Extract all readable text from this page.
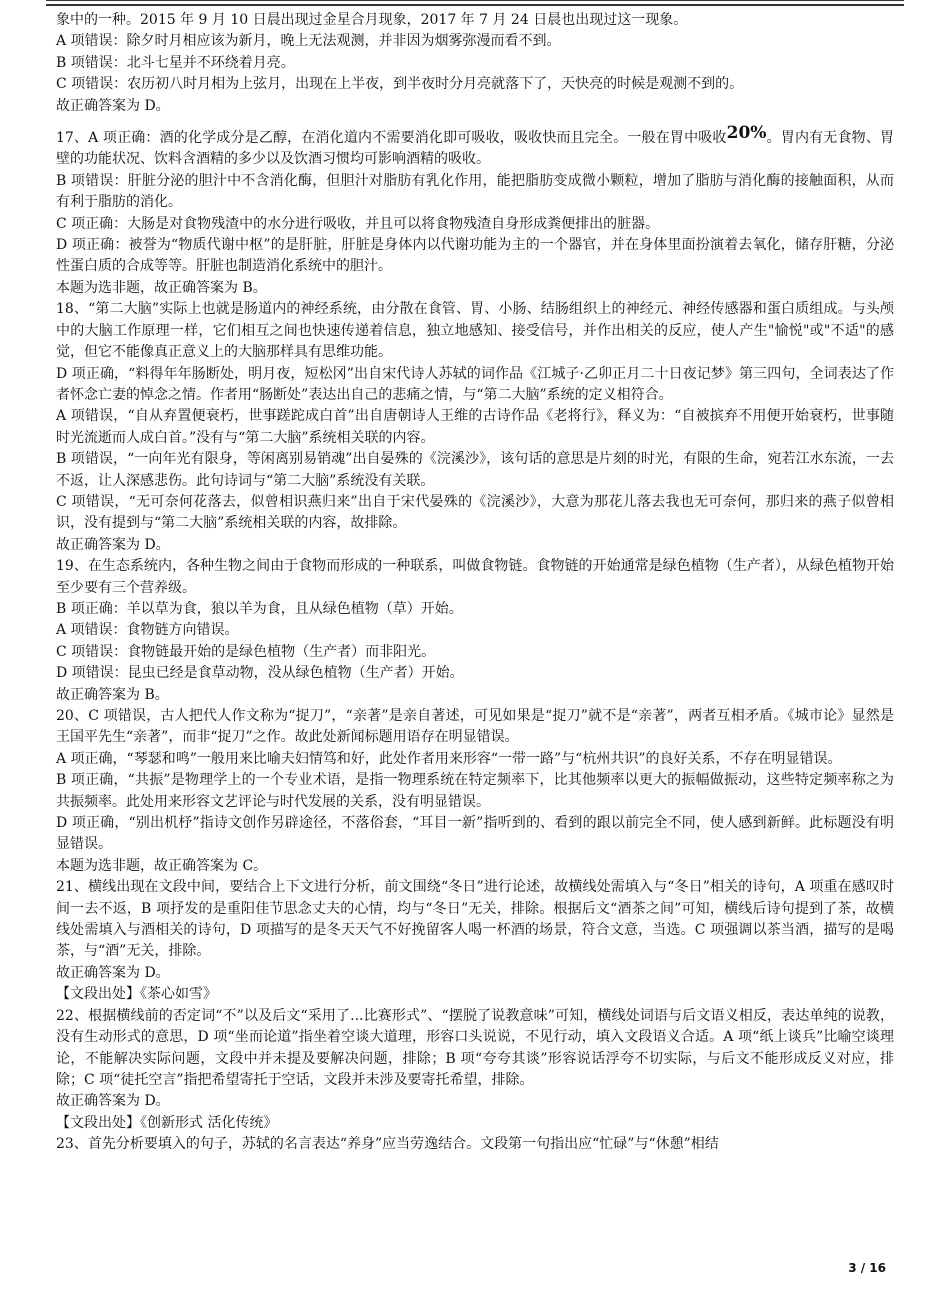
象中的一种。2015 年 9 月 10 日晨出现过金星合月现象，2017 年 7 月 24 日晨也出现过这一现象。

A 项错误：除夕时月相应该为新月，晚上无法观测，并非因为烟雾弥漫而看不到。

B 项错误：北斗七星并不环绕着月亮。

C 项错误：农历初八时月相为上弦月，出现在上半夜，到半夜时分月亮就落下了，天快亮的时候是观测不到的。

故正确答案为 D。

17、A 项正确：酒的化学成分是乙醇，在消化道内不需要消化即可吸收，吸收快而且完全。一般在胃中吸收20%。胃内有无食物、胃壁的功能状况、饮料含酒精的多少以及饮酒习惯均可影响酒精的吸收。

B 项错误：肝脏分泌的胆汁中不含消化酶，但胆汁对脂肪有乳化作用，能把脂肪变成微小颗粒，增加了脂肪与消化酶的接触面积，从而有利于脂肪的消化。

C 项正确：大肠是对食物残渣中的水分进行吸收，并且可以将食物残渣自身形成粪便排出的脏器。

D 项正确：被誉为“物质代谢中枢”的是肝脏，肝脏是身体内以代谢功能为主的一个器官，并在身体里面扮演着去氧化，储存肝糖，分泌性蛋白质的合成等等。肝脏也制造消化系统中的胆汁。

本题为选非题，故正确答案为 B。

18、“第二大脑”实际上也就是肠道内的神经系统，由分散在食管、胃、小肠、结肠组织上的神经元、神经传感器和蛋白质组成。与头颅中的大脑工作原理一样，它们相互之间也快速传递着信息，独立地感知、接受信号，并作出相关的反应，使人产生"愉悦"或"不适"的感觉，但它不能像真正意义上的大脑那样具有思维功能。

D 项正确，“料得年年肠断处，明月夜，短松冈”出自宋代诗人苏轼的词作品《江城子·乙卯正月二十日夜记梦》第三四句，全词表达了作者怀念亡妻的悼念之情。作者用“肠断处”表达出自己的悲痛之情，与“第二大脑”系统的定义相符合。

A 项错误，“自从弃置便衰朽，世事蹉跎成白首”出自唐朝诗人王维的古诗作品《老将行》，释义为：“自被摈弃不用便开始衰朽，世事随时光流逝而人成白首。”没有与“第二大脑”系统相关联的内容。

B 项错误，“一向年光有限身，等闲离别易销魂”出自晏殊的《浣溪沙》，该句话的意思是片刻的时光，有限的生命，宛若江水东流，一去不返，让人深感悲伤。此句诗词与“第二大脑”系统没有关联。

C 项错误，“无可奈何花落去，似曾相识燕归来”出自于宋代晏殊的《浣溪沙》，大意为那花儿落去我也无可奈何，那归来的燕子似曾相识，没有提到与“第二大脑”系统相关联的内容，故排除。

故正确答案为 D。

19、在生态系统内，各种生物之间由于食物而形成的一种联系，叫做食物链。食物链的开始通常是绿色植物（生产者），从绿色植物开始至少要有三个营养级。

B 项正确：羊以草为食，狼以羊为食，且从绿色植物（草）开始。

A 项错误：食物链方向错误。

C 项错误：食物链最开始的是绿色植物（生产者）而非阳光。

D 项错误：昆虫已经是食草动物，没从绿色植物（生产者）开始。

故正确答案为 B。

20、C 项错误，古人把代人作文称为“捉刀”，“亲著”是亲自著述，可见如果是“捉刀”就不是“亲著”，两者互相矛盾。《城市论》显然是王国平先生“亲著”，而非“捉刀”之作。故此处新闻标题用语存在明显错误。

A 项正确，“琴瑟和鸣”一般用来比喻夫妇情笃和好，此处作者用来形容“一带一路”与“杭州共识”的良好关系，不存在明显错误。

B 项正确，“共振”是物理学上的一个专业术语，是指一物理系统在特定频率下，比其他频率以更大的振幅做振动，这些特定频率称之为共振频率。此处用来形容文艺评论与时代发展的关系，没有明显错误。

D 项正确，“别出机杼”指诗文创作另辟途径，不落俗套，“耳目一新”指听到的、看到的跟以前完全不同，使人感到新鲜。此标题没有明显错误。

本题为选非题，故正确答案为 C。

21、横线出现在文段中间，要结合上下文进行分析，前文围绕“冬日”进行论述，故横线处需填入与“冬日”相关的诗句，A 项重在感叹时间一去不返，B 项抒发的是重阳佳节思念丈夫的心情，均与“冬日”无关，排除。根据后文“酒茶之间”可知，横线后诗句提到了茶，故横线处需填入与酒相关的诗句，D 项描写的是冬天天气不好挽留客人喝一杯酒的场景，符合文意，当选。C 项强调以茶当酒，描写的是喝茶，与“酒”无关，排除。

故正确答案为 D。

【文段出处】《茶心如雪》

22、根据横线前的否定词“不”以及后文“采用了...比赛形式”、“摆脱了说教意味”可知，横线处词语与后文语义相反，表达单纯的说教，没有生动形式的意思，D 项“坐而论道”指坐着空谈大道理，形容口头说说，不见行动，填入文段语义合适。A 项“纸上谈兵”比喻空谈理论，不能解决实际问题，文段中并未提及要解决问题，排除；B 项“夸夸其谈”形容说话浮夸不切实际，与后文不能形成反义对应，排除；C 项“徒托空言”指把希望寄托于空话，文段并未涉及要寄托希望，排除。

故正确答案为 D。

【文段出处】《创新形式 活化传统》

23、首先分析要填入的句子，苏轼的名言表达“养身”应当劳逸结合。文段第一句指出应“忙碌”与“休憩”相结

3 / 16
